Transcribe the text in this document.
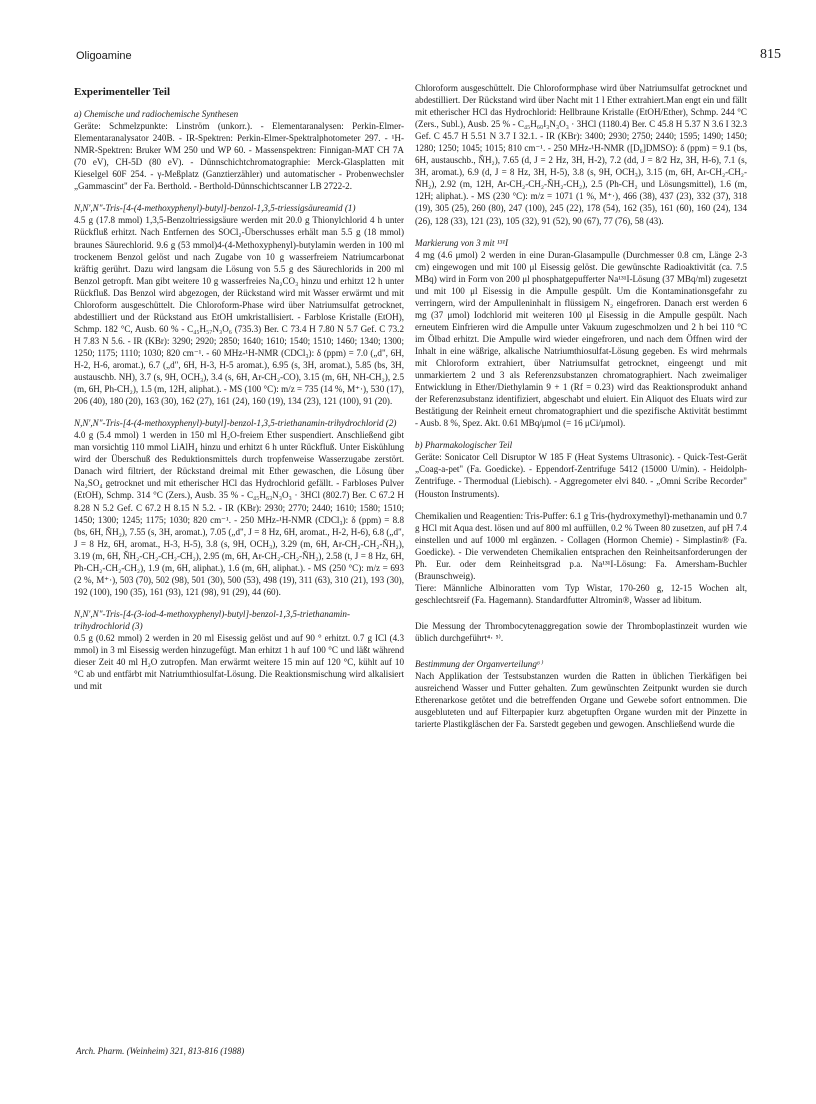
Oligoamine	815
Experimenteller Teil

a) Chemische und radiochemische Synthesen

Geräte: Schmelzpunkte: Linström (unkorr.). - Elementaranalysen: Perkin-Elmer-Elementaranalysator 240B. - IR-Spektren: Perkin-Elmer-Spektralphotometer 297. - ¹H-NMR-Spektren: Bruker WM 250 und WP 60. - Massenspektren: Finnigan-MAT CH 7A (70 eV), CH-5D (80 eV). - Dünnschichtchromatographie: Merck-Glasplatten mit Kieselgel 60F 254. - γ-Meßplatz (Ganztierzähler) und automatischer - Probenwechsler „Gammascint" der Fa. Berthold. - Berthold-Dünnschichtscanner LB 2722-2.

N,N',N"-Tris-[4-(4-methoxyphenyl)-butyl]-benzol-1,3,5-triessigsäureamid (1)

4.5 g (17.8 mmol) 1,3,5-Benzoltriessigsäure werden mit 20.0 g Thionylchlorid 4 h unter Rückfluß erhitzt. Nach Entfernen des SOCl₂-Überschusses erhält man 5.5 g (18 mmol) braunes Säurechlorid. 9.6 g (53 mmol)4-(4-Methoxyphenyl)-butylamin werden in 100 ml trockenem Benzol gelöst und nach Zugabe von 10 g wasserfreiem Natriumcarbonat kräftig gerührt. Dazu wird langsam die Lösung von 5.5 g des Säurechlorids in 200 ml Benzol getropft. Man gibt weitere 10 g wasserfreies Na₂CO₃ hinzu und erhitzt 12 h unter Rückfluß. Das Benzol wird abgezogen, der Rückstand wird mit Wasser erwärmt und mit Chloroform ausgeschüttelt. Die Chloroform-Phase wird über Natriumsulfat getrocknet, abdestilliert und der Rückstand aus EtOH umkristallisiert. - Farblose Kristalle (EtOH), Schmp. 182 °C, Ausb. 60 % - C₄₅H₅₇N₃O₆ (735.3) Ber. C 73.4 H 7.80 N 5.7 Gef. C 73.2 H 7.83 N 5.6. - IR (KBr): 3290; 2920; 2850; 1640; 1610; 1540; 1510; 1460; 1340; 1300; 1250; 1175; 1110; 1030; 820 cm⁻¹. - 60 MHz-¹H-NMR (CDCl₃): δ (ppm) = 7.0 („d", 6H, H-2, H-6, aromat.), 6.7 („d", 6H, H-3, H-5 aromat.), 6.95 (s, 3H, aromat.), 5.85 (bs, 3H, austauschb. NH), 3.7 (s, 9H, OCH₃), 3.4 (s, 6H, Ar-CH₂-CO), 3.15 (m, 6H, NH-CH₂), 2.5 (m, 6H, Ph-CH₂), 1.5 (m, 12H, aliphat.). - MS (100 °C): m/z = 735 (14 %, M⁺·), 530 (17), 206 (40), 180 (20), 163 (30), 162 (27), 161 (24), 160 (19), 134 (23), 121 (100), 91 (20).

N,N',N"-Tris-[4-(4-methoxyphenyl)-butyl]-benzol-1,3,5-triethanamin-trihydrochlorid (2)

4.0 g (5.4 mmol) 1 werden in 150 ml H₂O-freiem Ether suspendiert. Anschließend gibt man vorsichtig 110 mmol LiAlH₄ hinzu und erhitzt 6 h unter Rückfluß. Unter Eiskühlung wird der Überschuß des Reduktionsmittels durch tropfenweise Wasserzugabe zerstört. Danach wird filtriert, der Rückstand dreimal mit Ether gewaschen, die Lösung über Na₂SO₄ getrocknet und mit etherischer HCl das Hydrochlorid gefällt. - Farbloses Pulver (EtOH), Schmp. 314 °C (Zers.), Ausb. 35 % - C₄₅H₆₃N₃O₃ · 3HCl (802.7) Ber. C 67.2 H 8.28 N 5.2 Gef. C 67.2 H 8.15 N 5.2. - IR (KBr): 2930; 2770; 2440; 1610; 1580; 1510; 1450; 1300; 1245; 1175; 1030; 820 cm⁻¹. - 250 MHz-¹H-NMR (CDCl₃): δ (ppm) = 8.8 (bs, 6H, ŇH₂), 7.55 (s, 3H, aromat.), 7.05 („d", J = 8 Hz, 6H, aromat., H-2, H-6), 6.8 („d", J = 8 Hz, 6H, aromat., H-3, H-5), 3.8 (s, 9H, OCH₃), 3.29 (m, 6H, Ar-CH₂-CH₂-ŇH₂), 3.19 (m, 6H, ŇH₂-CH₂-CH₂-CH₂), 2.95 (m, 6H, Ar-CH₂-CH₂-ŇH₂), 2.58 (t, J = 8 Hz, 6H, Ph-CH₂-CH₂-CH₂), 1.9 (m, 6H, aliphat.), 1.6 (m, 6H, aliphat.). - MS (250 °C): m/z = 693 (2 %, M⁺·), 503 (70), 502 (98), 501 (30), 500 (53), 498 (19), 311 (63), 310 (21), 193 (30), 192 (100), 190 (35), 161 (93), 121 (98), 91 (29), 44 (60).

N,N',N"-Tris-[4-(3-iod-4-methoxyphenyl)-butyl]-benzol-1,3,5-triethanamin-trihydrochlorid (3)

0.5 g (0.62 mmol) 2 werden in 20 ml Eisessig gelöst und auf 90 ° erhitzt. 0.7 g ICl (4.3 mmol) in 3 ml Eisessig werden hinzugefügt. Man erhitzt 1 h auf 100 °C und läßt während dieser Zeit 40 ml H₂O zutropfen. Man erwärmt weitere 15 min auf 120 °C, kühlt auf 10 °C ab und entfärbt mit Natriumthiosulfat-Lösung. Die Reaktionsmischung wird alkalisiert und mit

Chloroform ausgeschüttelt. Die Chloroformphase wird über Natriumsulfat getrocknet und abdestilliert. Der Rückstand wird über Nacht mit 1 l Ether extrahiert.Man engt ein und fällt mit etherischer HCl das Hydrochlorid: Hellbraune Kristalle (EtOH/Ether), Schmp. 244 °C (Zers., Subl.), Ausb. 25 % - C₄₅H₆₀I₃N₃O₃ · 3HCl (1180.4) Ber. C 45.8 H 5.37 N 3.6 I 32.3 Gef. C 45.7 H 5.51 N 3.7 I 32.1. - IR (KBr): 3400; 2930; 2750; 2440; 1595; 1490; 1450; 1280; 1250; 1045; 1015; 810 cm⁻¹. - 250 MHz-¹H-NMR ([D₆]DMSO): δ (ppm) = 9.1 (bs, 6H, austauschb., ŇH₂), 7.65 (d, J = 2 Hz, 3H, H-2), 7.2 (dd, J = 8/2 Hz, 3H, H-6), 7.1 (s, 3H, aromat.), 6.9 (d, J = 8 Hz, 3H, H-5), 3.8 (s, 9H, OCH₃), 3.15 (m, 6H, Ar-CH₂-CH₂-ŇH₂), 2.92 (m, 12H, Ar-CH₂-CH₂-ŇH₂-CH₂), 2.5 (Ph-CH₂ und Lösungsmittel), 1.6 (m, 12H; aliphat.). - MS (230 °C): m/z = 1071 (1 %, M⁺·), 466 (38), 437 (23), 332 (37), 318 (19), 305 (25), 260 (80), 247 (100), 245 (22), 178 (54), 162 (35), 161 (60), 160 (24), 134 (26), 128 (33), 121 (23), 105 (32), 91 (52), 90 (67), 77 (76), 58 (43).

Markierung von 3 mit ¹³¹I

4 mg (4.6 μmol) 2 werden in eine Duran-Glasampulle (Durchmesser 0.8 cm, Länge 2-3 cm) eingewogen und mit 100 μl Eisessig gelöst. Die gewünschte Radioaktivität (ca. 7.5 MBq) wird in Form von 200 μl phosphatgepufferter Na¹³¹I-Lösung (37 MBq/ml) zugesetzt und mit 100 μl Eisessig in die Ampulle gespült. Um die Kontaminationsgefahr zu verringern, wird der Ampulleninhalt in flüssigem N₂ eingefroren. Danach erst werden 6 mg (37 μmol) Iodchlorid mit weiteren 100 μl Eisessig in die Ampulle gespült. Nach erneutem Einfrieren wird die Ampulle unter Vakuum zugeschmolzen und 2 h bei 110 °C im Ölbad erhitzt. Die Ampulle wird wieder eingefroren, und nach dem Öffnen wird der Inhalt in eine wäßrige, alkalische Natriumthiosulfat-Lösung gegeben. Es wird mehrmals mit Chloroform extrahiert, über Natriumsulfat getrocknet, eingeengt und mit unmarkiertem 2 und 3 als Referenzsubstanzen chromatographiert. Nach zweimaliger Entwicklung in Ether/Diethylamin 9 + 1 (Rf = 0.23) wird das Reaktionsprodukt anhand der Referenzsubstanz identifiziert, abgeschabt und eluiert. Ein Aliquot des Eluats wird zur Bestätigung der Reinheit erneut chromatographiert und die spezifische Aktivität bestimmt - Ausb. 8 %, Spez. Akt. 0.61 MBq/μmol (= 16 μCi/μmol).

b) Pharmakologischer Teil

Geräte: Sonicator Cell Disruptor W 185 F (Heat Systems Ultrasonic). - Quick-Test-Gerät „Coag-a-pet" (Fa. Goedicke). - Eppendorf-Zentrifuge 5412 (15000 U/min). - Heidolph-Zentrifuge. - Thermodual (Liebisch). - Aggregometer elvi 840. - „Omni Scribe Recorder" (Houston Instruments).

Chemikalien und Reagentien: Tris-Puffer: 6.1 g Tris-(hydroxymethyl)-methanamin und 0.7 g HCl mit Aqua dest. lösen und auf 800 ml auffüllen, 0.2 % Tween 80 zusetzen, auf pH 7.4 einstellen und auf 1000 ml ergänzen. - Collagen (Hormon Chemie) - Simplastin® (Fa. Goedicke). - Die verwendeten Chemikalien entsprachen den Reinheitsanforderungen der Ph. Eur. oder dem Reinheitsgrad p.a. Na¹³¹I-Lösung: Fa. Amersham-Buchler (Braunschweig).

Tiere: Männliche Albinoratten vom Typ Wistar, 170-260 g, 12-15 Wochen alt, geschlechtsreif (Fa. Hagemann). Standardfutter Altromin®, Wasser ad libitum.

Die Messung der Thrombocytenaggregation sowie der Thromboplastinzeit wurden wie üblich durchgeführt⁴· ⁵⁾.

Bestimmung der Organverteilung⁶⁾

Nach Applikation der Testsubstanzen wurden die Ratten in üblichen Tierkäfigen bei ausreichend Wasser und Futter gehalten. Zum gewünschten Zeitpunkt wurden sie durch Etherenarkose getötet und die betreffenden Organe und Gewebe sofort entnommen. Die ausgebluteten und auf Filterpapier kurz abgetupften Organe wurden mit der Pinzette in tarierte Plastikgläschen der Fa. Sarstedt gegeben und gewogen. Anschließend wurde die

Arch. Pharm. (Weinheim) 321, 813-816 (1988)
